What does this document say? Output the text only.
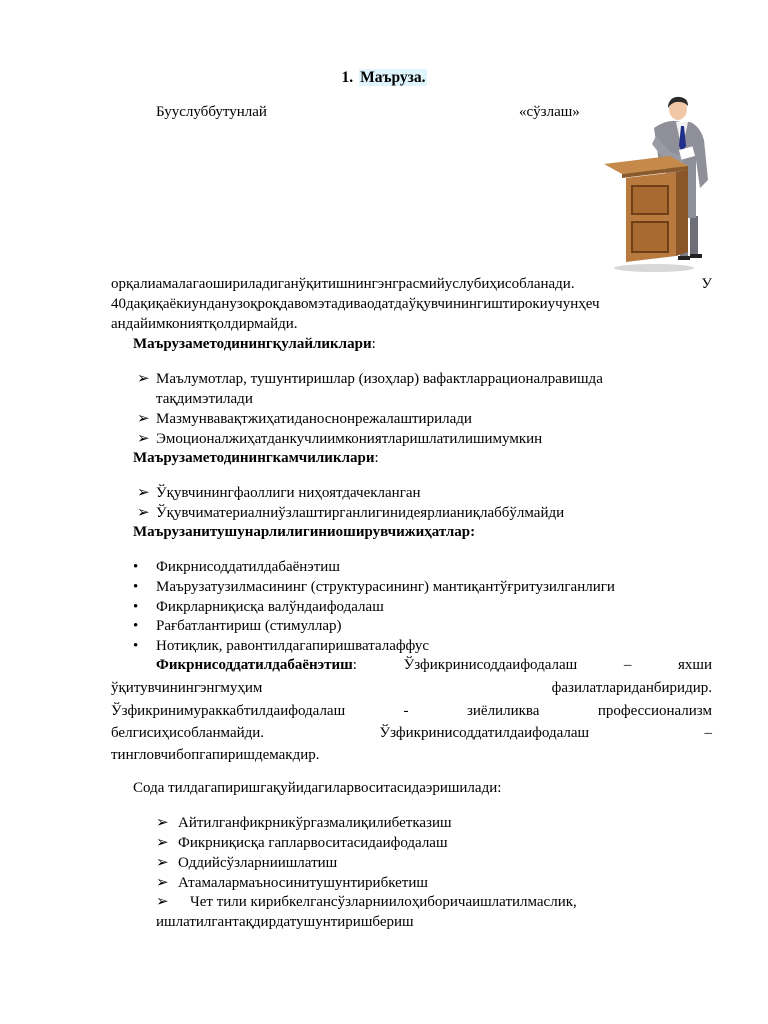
1. Маъруза.
Бууслуббутунлай	«сўзлаш»
орқалиамалагаошириладиганўқитишнингэнграсмийуслубиҳисобланади.	У
40дақиқаёкиунданузоқроқдавомэтадиваодатдаўқувчинингиштирокиучунҳеч
андайимкониятқолдирмайди.
Маърузаметодинингқулайликлари:
➢ Маълумотлар, тушунтиришлар (изоҳлар) вафактларрационалравишда
тақдимэтилади
➢ Мазмунвавақтжиҳатиданоснонрежалаштирилади
➢ Эмоционалжиҳатданкучлиимкониятларишлатилишимумкин
Маърузаметодинингкамчиликлари:
➢ Ўқувчинингфаоллиги ниҳоятдачекланган
➢ Ўқувчиматериалниўзлаштирганлигинидеярлианиқлаббўлмайди
Маърузанитушунарлилигиниоширувчижиҳатлар:
• Фикрнисоддатилдабаёнэтиш
• Маърузатузилмасининг (структурасининг) мантиқантўғритузилганлиги
• Фикрларниқисқа валўндаифодалаш
• Рағбатлантириш (стимуллар)
• Нотиқлик, равонтилдагапиришваталаффус
Фикрнисоддатилдабаёнэтиш: Ўзфикринисоддаифодалаш – яхши
ўқитувчинингэнгмуҳим фазилатлариданбиридир.
Ўзфикринимураккабтилдаифодалаш - зиёлиликва профессионализм
белгисиҳисобланмайди. Ўзфикринисоддатилдаифодалаш –
тингловчибопгапиришдемакдир.
Сода тилдагапиришгақуйидагиларвоситасидаэришилади:
➢ Айтилганфикрникўргазмалиқилибетказиш
➢ Фикрниқисқа гапларвоситасидаифодалаш
➢ Оддийсўзларниишлатиш
➢ Атамалармаъносинитушунтирибкетиш
➢ Чет тили кирибкелгансўзларниилоҳиборичаишлатилмаслик,
ишлатилгантақдирдатушунтиришбериш
